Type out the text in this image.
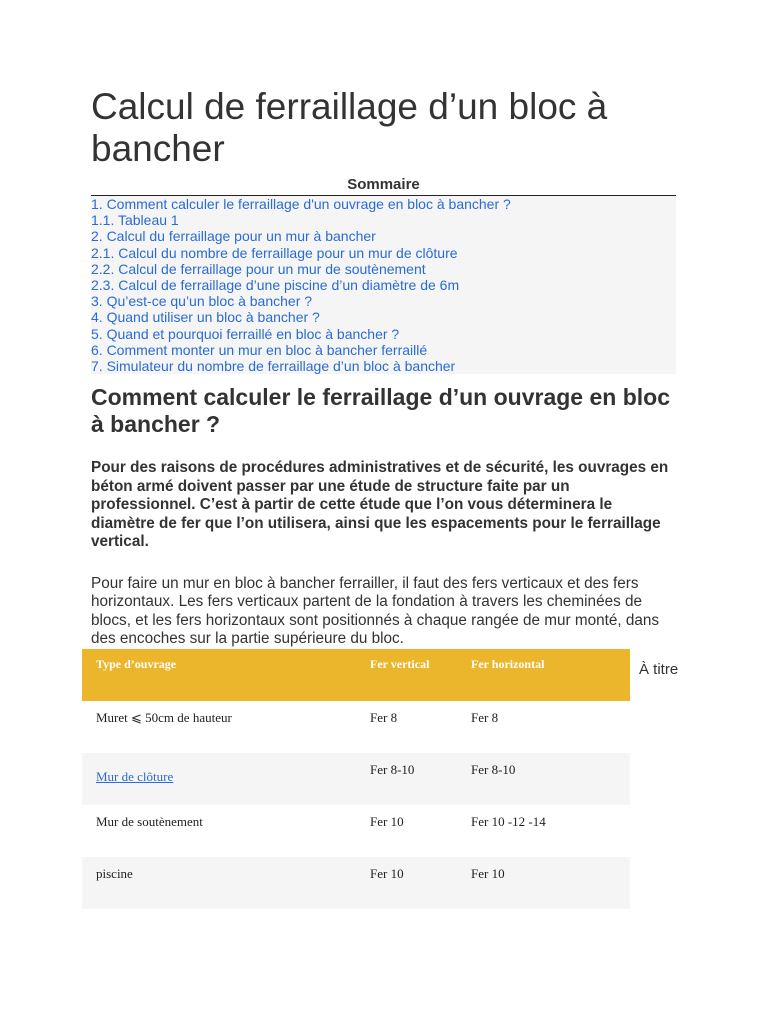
Calcul de ferraillage d’un bloc à bancher
Sommaire
1. Comment calculer le ferraillage d'un ouvrage en bloc à bancher ?
1.1. Tableau 1
2. Calcul du ferraillage pour un mur à bancher
2.1. Calcul du nombre de ferraillage pour un mur de clôture
2.2. Calcul de ferraillage pour un mur de soutènement
2.3. Calcul de ferraillage d’une piscine d’un diamètre de 6m
3. Qu’est-ce qu’un bloc à bancher ?
4. Quand utiliser un bloc à bancher ?
5. Quand et pourquoi ferraillé en bloc à bancher ?
6. Comment monter un mur en bloc à bancher ferraillé
7. Simulateur du nombre de ferraillage d’un bloc à bancher
Comment calculer le ferraillage d’un ouvrage en bloc à bancher ?

Pour des raisons de procédures administratives et de sécurité, les ouvrages en béton armé doivent passer par une étude de structure faite par un professionnel. C’est à partir de cette étude que l’on vous déterminera le diamètre de fer que l’on utilisera, ainsi que les espacements pour le ferraillage vertical.

Pour faire un mur en bloc à bancher ferrailler, il faut des fers verticaux et des fers horizontaux. Les fers verticaux partent de la fondation à travers les cheminées de blocs, et les fers horizontaux sont positionnés à chaque rangée de mur monté, dans des encoches sur la partie supérieure du bloc.

Type d’ouvrage	Fer vertical	Fer horizontal
Muret ⩽ 50cm de hauteur	Fer 8	Fer 8

Mur de clôture	Fer 8-10	Fer 8-10
Mur de soutènement	Fer 10	Fer 10 -12 -14
piscine	Fer 10	Fer 10
À titre
